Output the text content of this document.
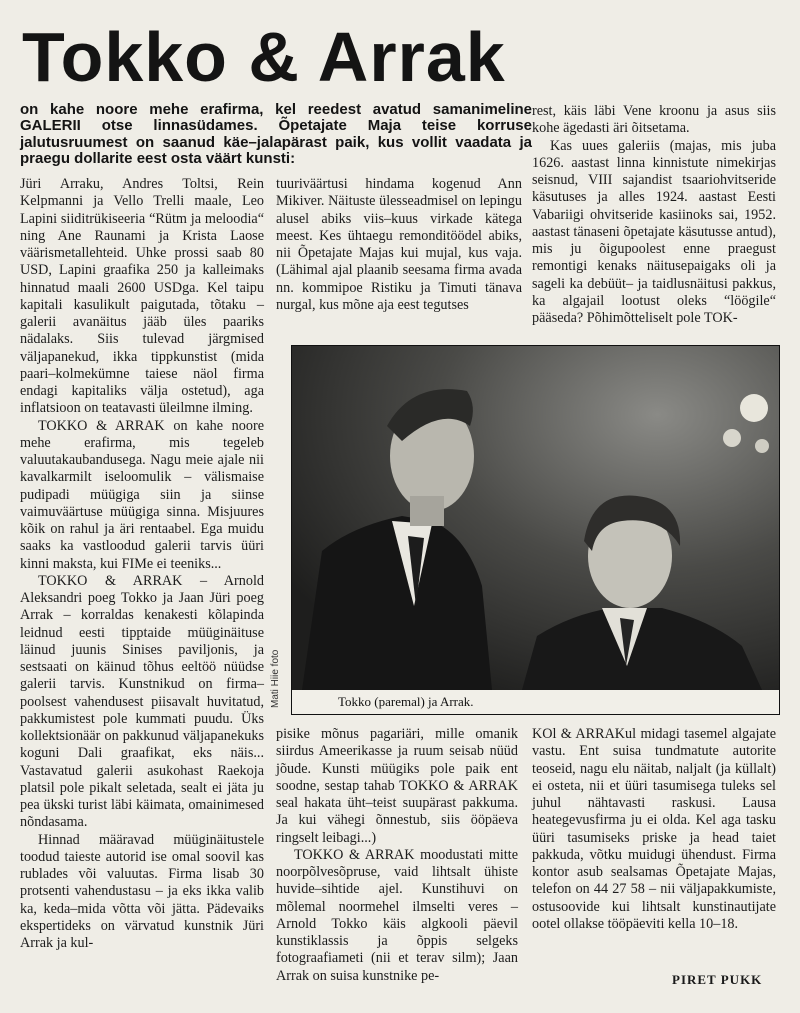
Tokko & Arrak
on kahe noore mehe erafirma, kel reedest avatud samanimeline GALERII otse linnasüdames. Õpetajate Maja teise korruse jalutusruumest on saanud käe–jalapärast paik, kus vollit vaadata ja praegu dollarite eest osta väärt kunsti:

Jüri Arraku, Andres Toltsi, Rein Kelpmanni ja Vello Trelli maale, Leo Lapini siiditrükiseeria “Rütm ja meloodia“ ning Ane Raunami ja Krista Laose väärismetallehteid. Uhke prossi saab 80 USD, Lapini graafika 250 ja kalleimaks hinnatud maali 2600 USDga. Kel taipu kapitali kasulikult paigutada, tõtaku – galerii avanäitus jääb üles paariks nädalaks. Siis tulevad järgmised väljapanekud, ikka tippkunstist (mida paari–kolmekümne taiese näol firma endagi kapitaliks välja ostetud), aga inflatsioon on teatavasti üleilmne ilming.

TOKKO & ARRAK on kahe noore mehe erafirma, mis tegeleb valuutakaubandusega. Nagu meie ajale nii kavalkarmilt iseloomulik – välismaise pudipadi müügiga siin ja siinse vaimuväärtuse müügiga sinna. Misjuures kõik on rahul ja äri rentaabel. Ega muidu saaks ka vastloodud galerii tarvis üüri kinni maksta, kui FIMe ei teeniks...

TOKKO & ARRAK – Arnold Aleksandri poeg Tokko ja Jaan Jüri poeg Arrak – korraldas kenakesti kõlapinda leidnud eesti tipptaide müüginäituse läinud juunis Sinises paviljonis, ja sestsaati on käinud tõhus eeltöö nüüdse galerii tarvis. Kunstnikud on firma–poolsest vahendusest piisavalt huvitatud, pakkumistest pole kummati puudu. Üks kollektsionäär on pakkunud väljapanekuks koguni Dali graafikat, eks näis... Vastavatud galerii asukohast Raekoja platsil pole pikalt seletada, sealt ei jäta ju pea ükski turist läbi käimata, omainimesed nõndasama.

Hinnad määravad müüginäitustele toodud taieste autorid ise omal soovil kas rublades või valuutas. Firma lisab 30 protsenti vahendustasu – ja eks ikka valib ka, keda–mida võtta või jätta. Pädevaiks ekspertideks on värvatud kunstnik Jüri Arrak ja kul-

tuuriväärtusi hindama kogenud Ann Mikiver. Näituste ülesseadmisel on lepingu alusel abiks viis–kuus virkade kätega meest. Kes ühtaegu remonditöödel abiks, nii Õpetajate Majas kui mujal, kus vaja. (Lähimal ajal plaanib seesama firma avada nn. kommipoe Ristiku ja Timuti tänava nurgal, kus mõne aja eest tegutses

rest, käis läbi Vene kroonu ja asus siis kohe ägedasti äri õitsetama.

Kas uues galeriis (majas, mis juba 1626. aastast linna kinnistute nimekirjas seisnud, VIII sajandist tsaariohvitseride käsutuses ja alles 1924. aastast Eesti Vabariigi ohvitseride kasiinoks sai, 1952. aastast tänaseni õpetajate käsutusse antud), mis ju õigupoolest enne praegust remontigi kenaks näitusepaigaks oli ja sageli ka debüüt– ja taidlusnäitusi pakkus, ka algajail lootust oleks “löögile“ pääseda? Põhimõtteliselt pole TOK-

Tokko (paremal) ja Arrak.
Mati Hiie foto

pisike mõnus pagariäri, mille omanik siirdus Ameerikasse ja ruum seisab nüüd jõude. Kunsti müügiks pole paik ent soodne, sestap tahab TOKKO & ARRAK seal hakata üht–teist suupärast pakkuma. Ja kui vähegi õnnestub, siis ööpäeva ringselt leibagi...)

TOKKO & ARRAK moodustati mitte noorpõlvesõpruse, vaid lihtsalt ühiste huvide–sihtide ajel. Kunstihuvi on mõlemal noormehel ilmselti veres – Arnold Tokko käis algkooli päevil kunstiklassis ja õppis selgeks fotograafiameti (nii et terav silm); Jaan Arrak on suisa kunstnike pe-

KOl & ARRAKul midagi tasemel algajate vastu. Ent suisa tundmatute autorite teoseid, nagu elu näitab, naljalt (ja küllalt) ei osteta, nii et üüri tasumisega tuleks sel juhul nähtavasti raskusi. Lausa heategevusfirma ju ei olda. Kel aga tasku üüri tasumiseks priske ja head taiet pakkuda, võtku muidugi ühendust. Firma kontor asub sealsamas Õpetajate Majas, telefon on 44 27 58 – nii väljapakkumiste, ostusoovide kui lihtsalt kunstinautijate ootel ollakse tööpäeviti kella 10–18.

PIRET PUKK
